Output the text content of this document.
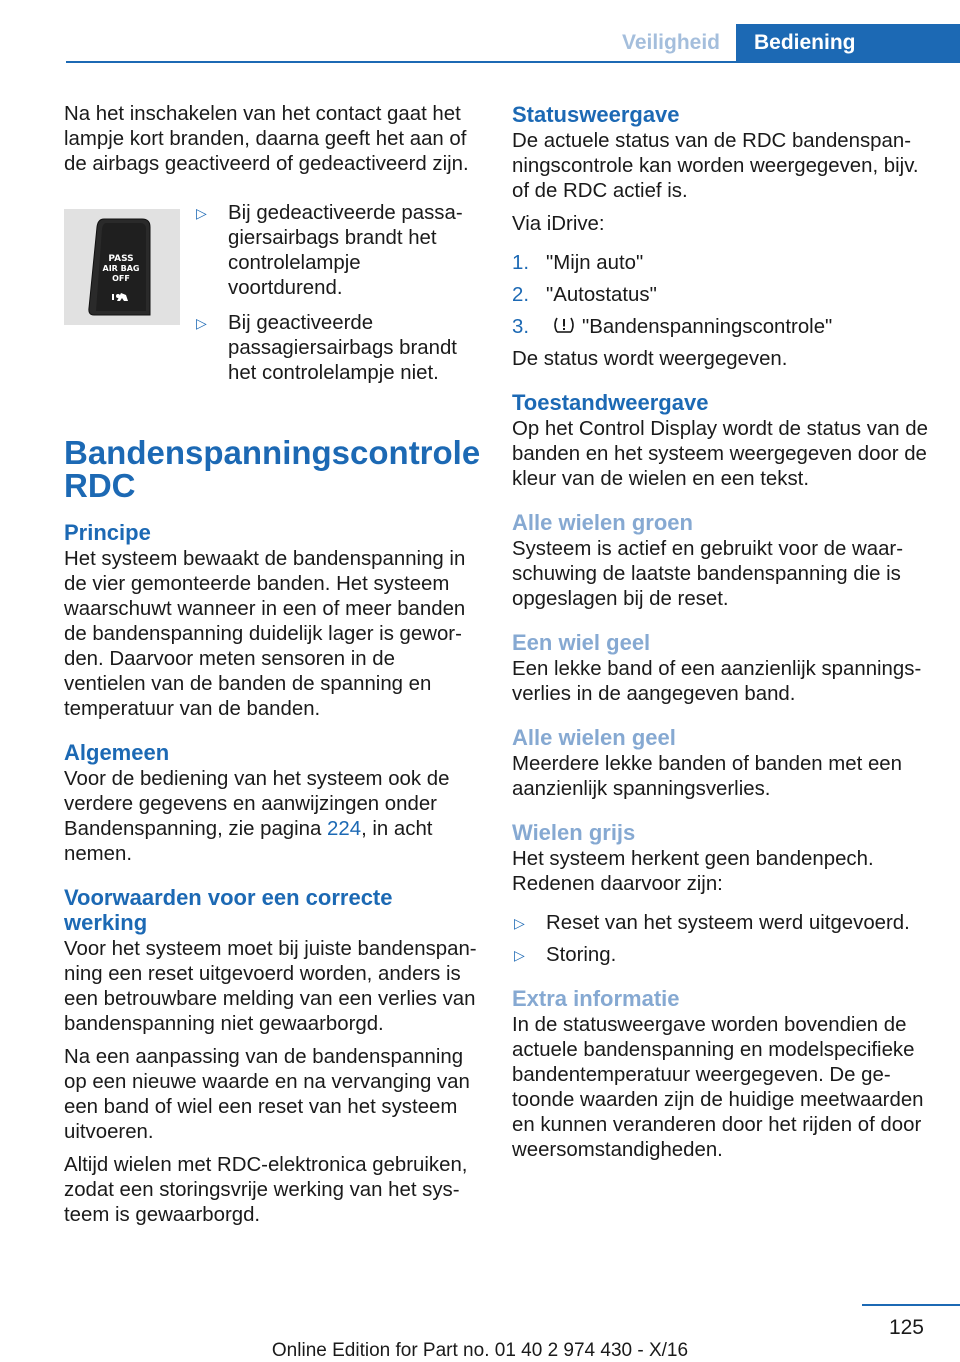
Veiligheid	Bediening

Na het inschakelen van het contact gaat het lampje kort branden, daarna geeft het aan of de airbags geactiveerd of gedeactiveerd zijn.

PASS
AIR BAG
OFF
▷	Bij gedeactiveerde passagiersairbags brandt het controlelampje voortdurend.
▷	Bij geactiveerde passagiersairbags brandt het controlelampje niet.
Bandenspanningscontrole RDC
Principe

Het systeem bewaakt de bandenspanning in de vier gemonteerde banden. Het systeem waarschuwt wanneer in een of meer banden de bandenspanning duidelijk lager is geworden. Daarvoor meten sensoren in de ventielen van de banden de spanning en temperatuur van de banden.

Algemeen

Voor de bediening van het systeem ook de verdere gegevens en aanwijzingen onder Bandenspanning, zie pagina 224, in acht nemen.

Voorwaarden voor een correcte werking

Voor het systeem moet bij juiste bandenspanning een reset uitgevoerd worden, anders is een betrouwbare melding van een verlies van bandenspanning niet gewaarborgd.

Na een aanpassing van de bandenspanning op een nieuwe waarde en na vervanging van een band of wiel een reset van het systeem uitvoeren.

Altijd wielen met RDC-elektronica gebruiken, zodat een storingsvrije werking van het systeem is gewaarborgd.

Statusweergave

De actuele status van de RDC bandenspanningscontrole kan worden weergegeven, bijv. of de RDC actief is.

Via iDrive:

1. "Mijn auto"
2. "Autostatus"
3.	"Bandenspanningscontrole"

De status wordt weergegeven.

Toestandweergave

Op het Control Display wordt de status van de banden en het systeem weergegeven door de kleur van de wielen en een tekst.

Alle wielen groen

Systeem is actief en gebruikt voor de waarschuwing de laatste bandenspanning die is opgeslagen bij de reset.

Een wiel geel

Een lekke band of een aanzienlijk spanningsverlies in de aangegeven band.

Alle wielen geel

Meerdere lekke banden of banden met een aanzienlijk spanningsverlies.

Wielen grijs

Het systeem herkent geen bandenpech. Redenen daarvoor zijn:

▷	Reset van het systeem werd uitgevoerd.
▷	Storing.
Extra informatie

In de statusweergave worden bovendien de actuele bandenspanning en modelspecifieke bandentemperatuur weergegeven. De getoonde waarden zijn de huidige meetwaarden en kunnen veranderen door het rijden of door weersomstandigheden.

125
Online Edition for Part no. 01 40 2 974 430 - X/16
